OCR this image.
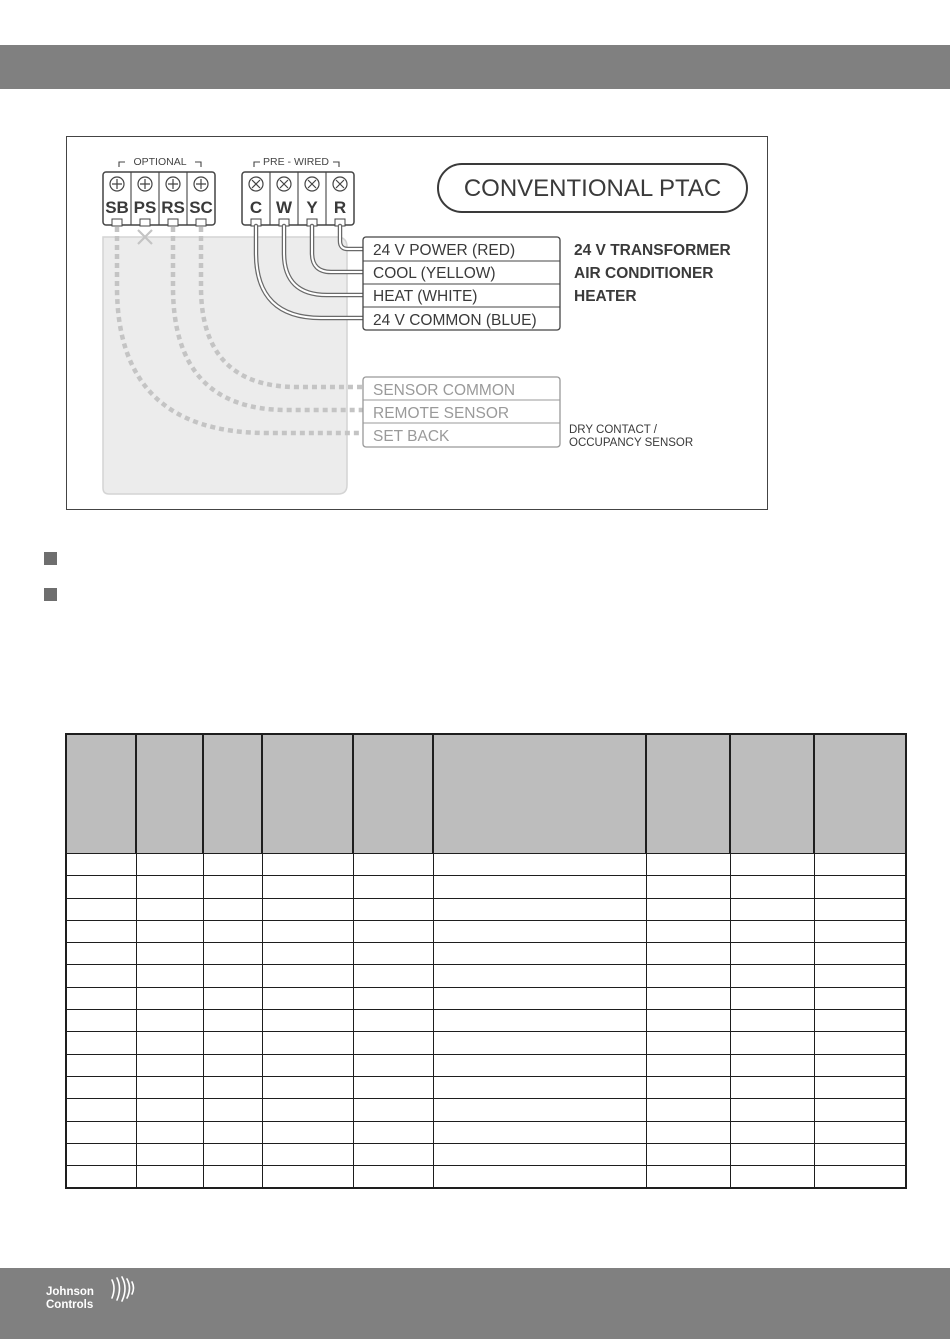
OPTIONAL	PRE - WIRED
SB PS RS SC C W Y R
24 V POWER (RED)
COOL (YELLOW)
HEAT (WHITE)
24 V COMMON (BLUE)
24 V TRANSFORMER
AIR CONDITIONER
HEATER
CONVENTIONAL PTAC
SENSOR COMMON
REMOTE SENSOR
SET BACK	DRY CONTACT /
OCCUPANCY SENSOR

Johnson
Controls
